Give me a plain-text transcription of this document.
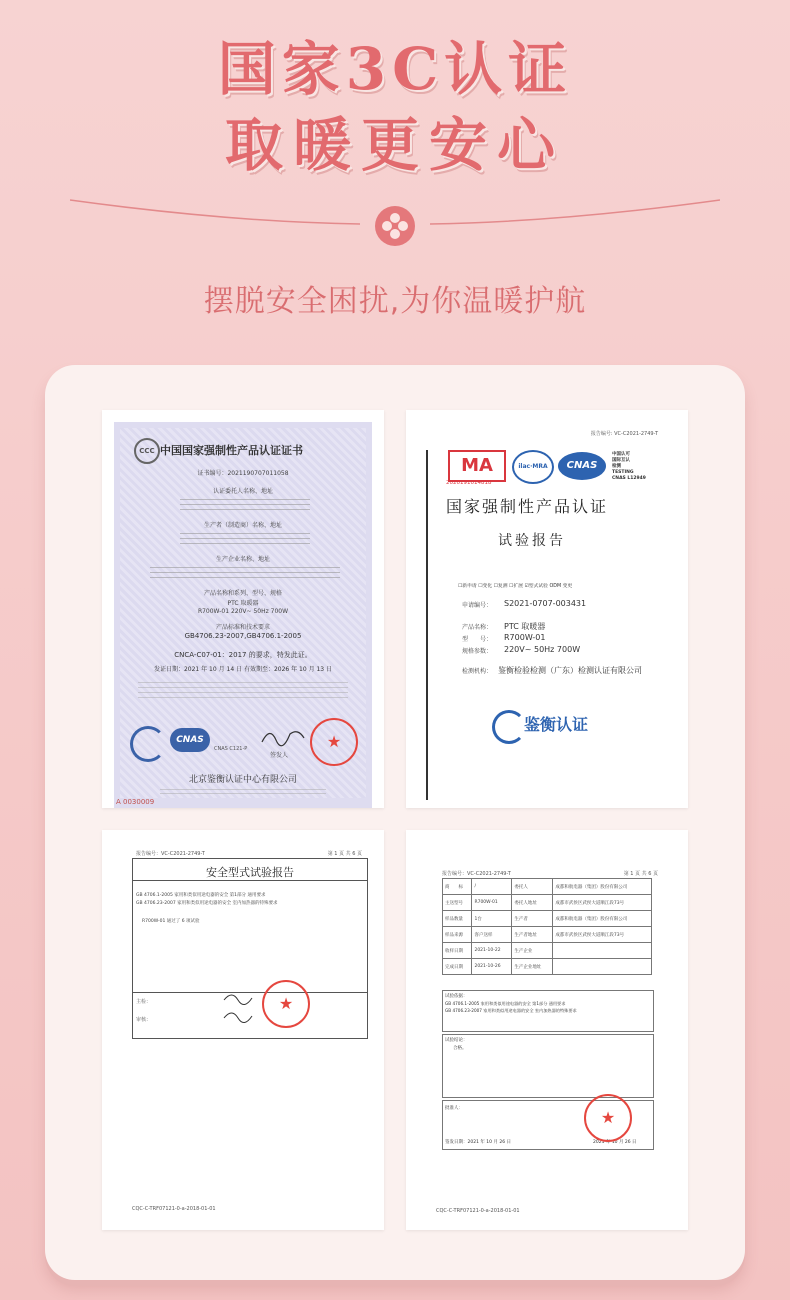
国家3C认证
取暖更安心
摆脱安全困扰,为你温暖护航
CCC 中国国家强制性产品认证证书
证书编号：2021190707011058
认证委托人名称、地址
生产者（制造商）名称、地址
生产企业名称、地址
产品名称和系列、型号、规格
PTC 取暖器
R700W-01 220V~ 50Hz 700W
产品标准和技术要求
GB4706.23-2007,GB4706.1-2005
CNCA-C07-01：2017 的要求，特发此证。
发证日期：2021 年 10 月 14 日 有效期至：2026 年 10 月 13 日
CNAS
CNAS C121-P
签发人
★
北京鉴衡认证中心有限公司
A 0030009
报告编号: VC-C2021-2749-T
MA
2020191014818
ilac·MRA	CNAS
中国认可
国际互认
检测
TESTING
CNAS L12949
国家强制性产品认证
试验报告
☐新申请 ☐变化 ☐复测 ☐扩展 ☑型式试验 ODM 变更
申请编号： S2021-0707-003431
产品名称： PTC 取暖器
型　　号： R700W-01
规格参数： 220V~ 50Hz 700W
检测机构： 鉴衡检验检测（广东）检测认证有限公司
鉴衡认证
报告编号：VC-C2021-2749-T	第 1 页 共 6 页
安全型式试验报告
GB 4706.1-2005 家用和类似用途电器的安全 第1部分 通用要求
GB 4706.23-2007 家用和类似用途电器的安全 室内加热器的特殊要求
R700W-01 通过了 6 项试验
主检：
审核：
★
CQC-C-TRF07121-0-a-2018-01-01
报告编号：VC-C2021-2749-T	第 1 页 共 6 页
商　　标	/	委托人	成都和航电器（集团）股份有限公司
主送型号	R700W-01	委托人地址	成都市武侯区武侯大道顺江段73号
样品数量	1台	生产者	成都和航电器（集团）股份有限公司
样品来源	客户送样	生产者地址	成都市武侯区武侯大道顺江段73号
收样日期	2021-10-22	生产企业	
完成日期	2021-10-26	生产企业地址	
试验依据：
GB 4706.1-2005 家用和类似用途电器的安全 第1部分 通用要求
GB 4706.23-2007 家用和类似用途电器的安全 室内加热器的特殊要求
试验结论：
合格。
批准人：
签发日期：2021 年 10 月 26 日	2021 年 10 月 26 日
★
CQC-C-TRF07121-0-a-2018-01-01
